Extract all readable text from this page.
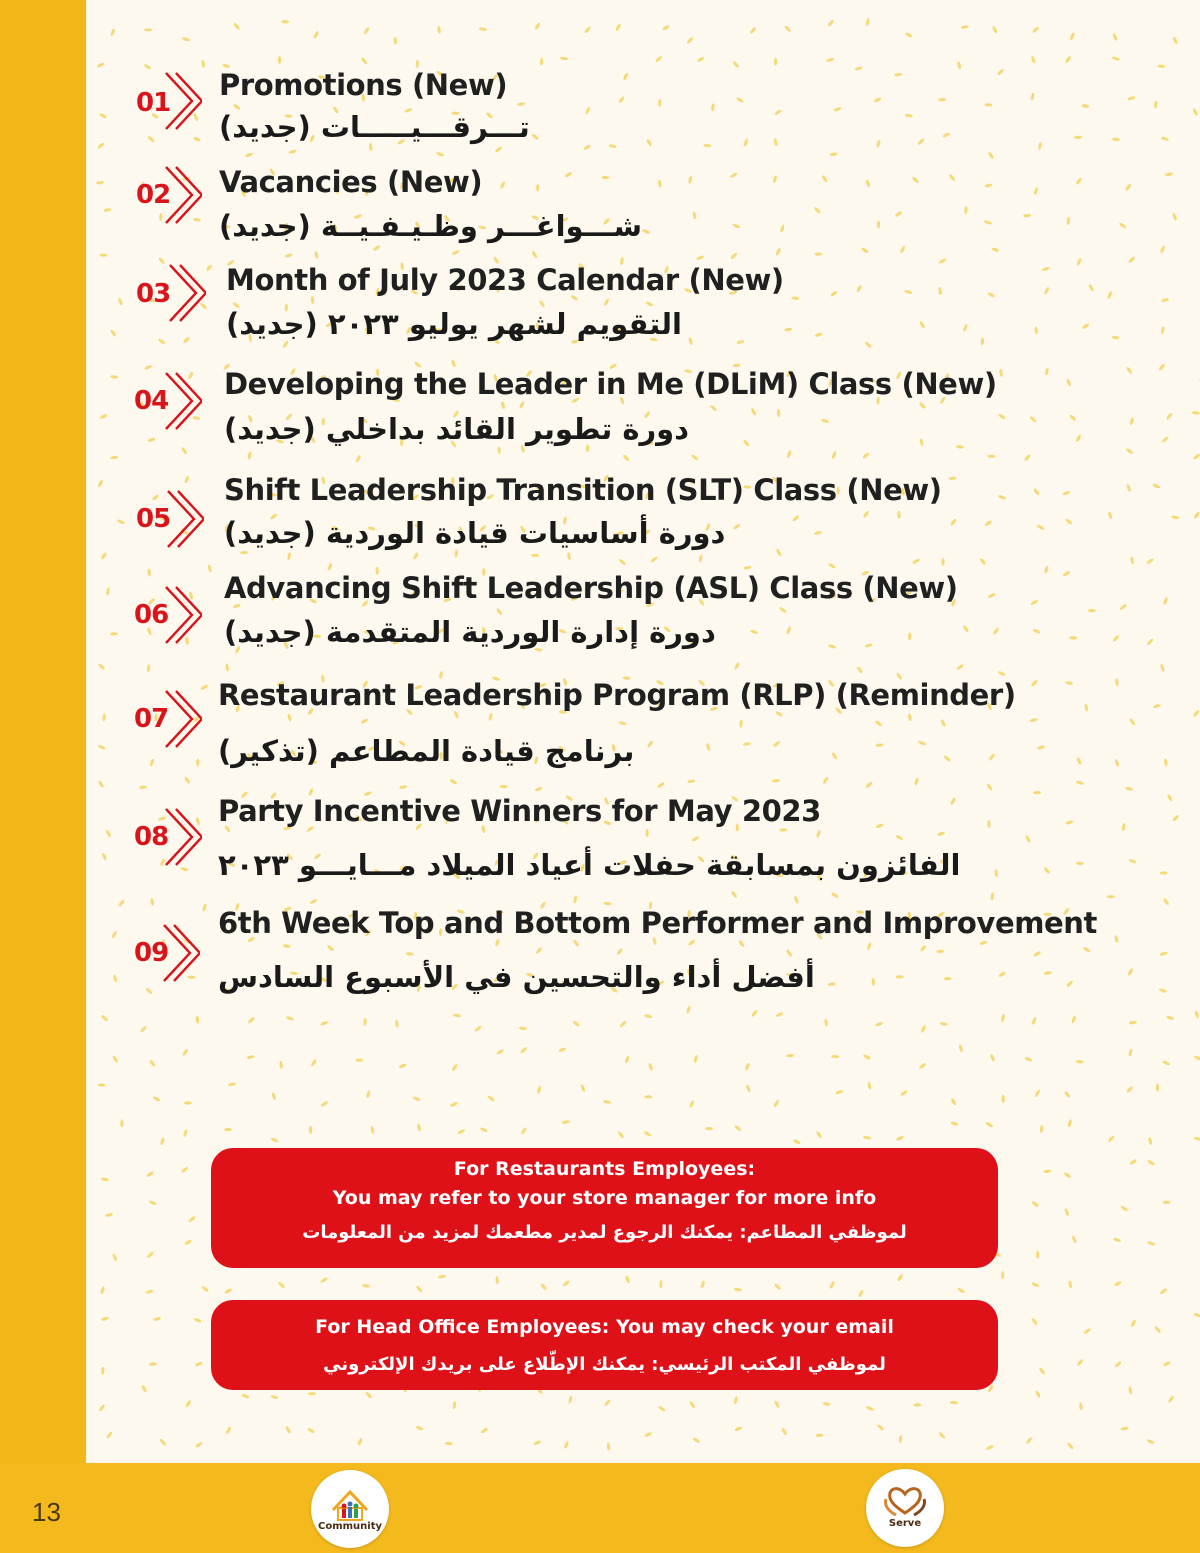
01
Promotions (New)
تـــرقـــيـــــات (جديد)
02	Vacancies (New)
شـــواغـــر وظـيـفـيــة (جديد)
03	Month of July 2023 Calendar (New)
التقويم لشهر يوليو ٢٠٢٣ (جديد)
04	Developing the Leader in Me (DLiM) Class (New)
دورة تطوير القائد بداخلي (جديد)
05
Shift Leadership Transition (SLT) Class (New)
دورة أساسيات قيادة الوردية (جديد)
06
Advancing Shift Leadership (ASL) Class (New)
دورة إدارة الوردية المتقدمة (جديد)
07
Restaurant Leadership Program (RLP) (Reminder)
برنامج قيادة المطاعم (تذكير)
08
Party Incentive Winners for May 2023
الفائزون بمسابقة حفلات أعياد الميلاد مـــايـــو ٢٠٢٣
09
6th Week Top and Bottom Performer and Improvement
أفضل أداء والتحسين في الأسبوع السادس
For Restaurants Employees:
You may refer to your store manager for more info
لموظفي المطاعم: يمكنك الرجوع لمدير مطعمك لمزيد من المعلومات
For Head Office Employees: You may check your email
لموظفي المكتب الرئيسي: يمكنك الإطّلاع على بريدك الإلكتروني
13	Community	Serve
